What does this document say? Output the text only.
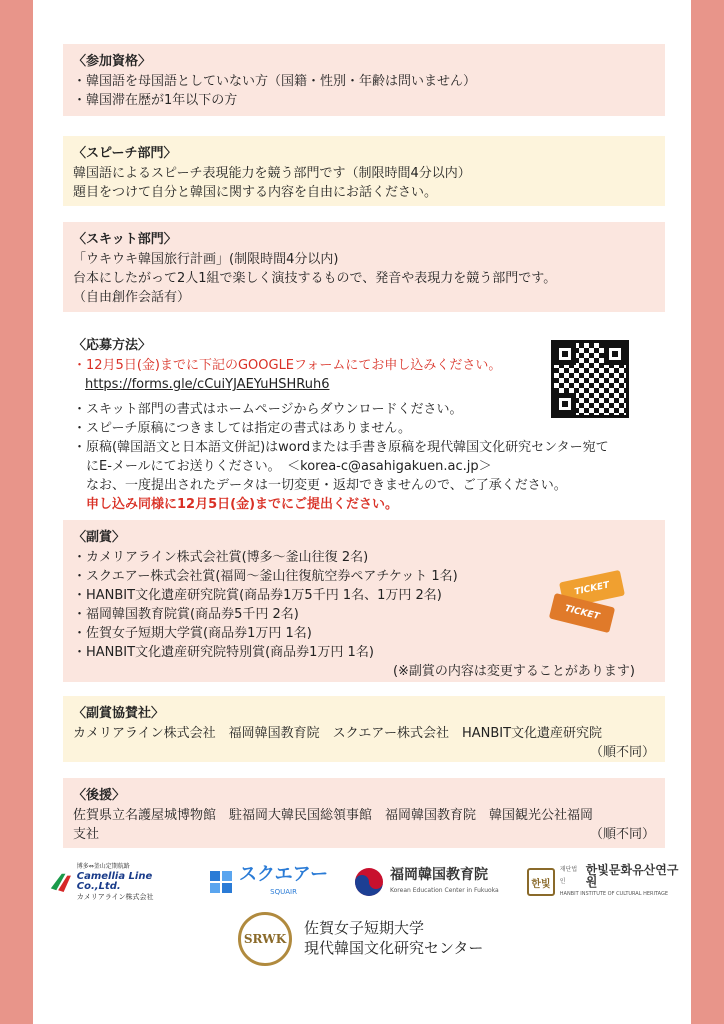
〈参加資格〉
・韓国語を母国語としていない方（国籍・性別・年齢は問いません）
・韓国滞在歴が1年以下の方
〈スピーチ部門〉
韓国語によるスピーチ表現能力を競う部門です（制限時間4分以内）
題目をつけて自分と韓国に関する内容を自由にお話ください。
〈スキット部門〉
「ウキウキ韓国旅行計画」(制限時間4分以内)
台本にしたがって2人1組で楽しく演技するもので、発音や表現力を競う部門です。
（自由創作会話有）
〈応募方法〉
・12月5日(金)までに下記のGOOGLEフォームにてお申し込みください。
https://forms.gle/cCuiYJAEYuHSHRuh6
・スキット部門の書式はホームページからダウンロードください。
・スピーチ原稿につきましては指定の書式はありません。
・原稿(韓国語文と日本語文併記)はwordまたは手書き原稿を現代韓国文化研究センター宛て
　にE-メールにてお送りください。　＜korea-c@asahigakuen.ac.jp＞
　なお、一度提出されたデータは一切変更・返却できませんので、ご了承ください。
　申し込み同様に12月5日(金)までにご提出ください。
〈副賞〉
・カメリアライン株式会社賞(博多～釜山往復 2名)
・スクエアー株式会社賞(福岡～釜山往復航空券ペアチケット 1名)
・HANBIT文化遺産研究院賞(商品券1万5千円 1名、1万円 2名)
・福岡韓国教育院賞(商品券5千円 2名)
・佐賀女子短期大学賞(商品券1万円 1名)
・HANBIT文化遺産研究院特別賞(商品券1万円 1名)
(※副賞の内容は変更することがあります)
TICKET
TICKET
〈副賞協賛社〉
カメリアライン株式会社　福岡韓国教育院　スクエアー株式会社　HANBIT文化遺産研究院
（順不同）
〈後援〉
佐賀県立名護屋城博物館　駐福岡大韓民国総領事館　福岡韓国教育院　韓国観光公社福岡
支社	（順不同）
博多⇔釜山定期航路
Camellia Line Co.,Ltd.
カメリアライン株式会社
スクエアー
SQUAIR
福岡韓国教育院
Korean Education Center in Fukuoka
한빛
재단법인
한빛문화유산연구원
HANBIT INSTITUTE OF CULTURAL HERITAGE
SRWK
佐賀女子短期大学
現代韓国文化研究センター
